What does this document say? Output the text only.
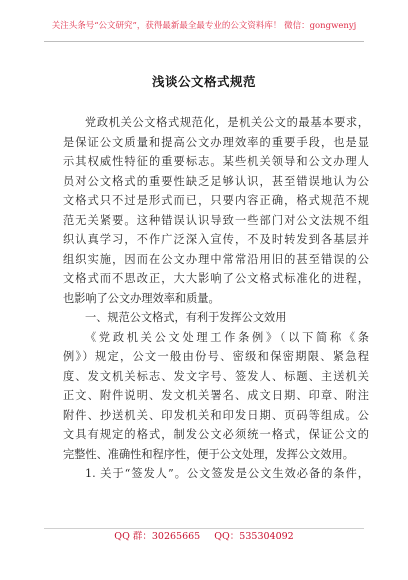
关注头条号“公文研究”，获得最新最全最专业的公文资料库！ 微信：gongwenyj
浅谈公文格式规范
党政机关公文格式规范化，是机关公文的最基本要求，
是保证公文质量和提高公文办理效率的重要手段，也是显
示其权威性特征的重要标志。某些机关领导和公文办理人
员对公文格式的重要性缺乏足够认识，甚至错误地认为公
文格式只不过是形式而已，只要内容正确，格式规范不规
范无关紧要。这种错误认识导致一些部门对公文法规不组
织认真学习，不作广泛深入宣传，不及时转发到各基层并
组织实施，因而在公文办理中常常沿用旧的甚至错误的公
文格式而不思改正，大大影响了公文格式标准化的进程，
也影响了公文办理效率和质量。
一、规范公文格式，有利于发挥公文效用
《党政机关公文处理工作条例》（以下简称《条
例》）规定，公文一般由份号、密级和保密期限、紧急程
度、发文机关标志、发文字号、签发人、标题、主送机关
正文、附件说明、发文机关署名、成文日期、印章、附注
附件、抄送机关、印发机关和印发日期、页码等组成。公
文具有规定的格式，制发公文必须统一格式，保证公文的
完整性、准确性和程序性，便于公文处理，发挥公文效用。
1. 关于“签发人”。公文签发是公文生效必备的条件，
QQ 群：30265665 QQ：535304092
